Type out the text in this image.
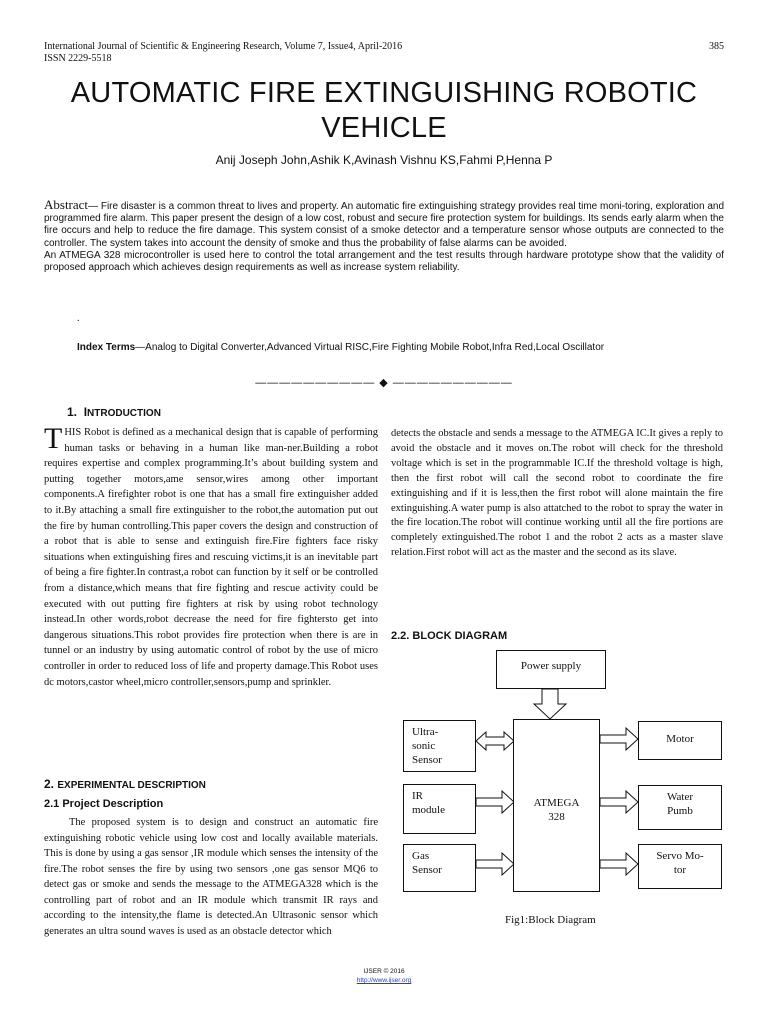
International Journal of Scientific & Engineering Research, Volume 7, Issue4, April-2016
ISSN 2229-5518
385
AUTOMATIC FIRE EXTINGUISHING ROBOTIC
VEHICLE
Anij Joseph John,Ashik K,Avinash Vishnu KS,Fahmi P,Henna P

Abstract— Fire disaster is a common threat to lives and property. An automatic fire extinguishing strategy provides real time moni-toring, exploration and programmed fire alarm. This paper present the design of a low cost, robust and secure fire protection system for buildings. Its sends early alarm when the fire occurs and help to reduce the fire damage. This system consist of a smoke detector and a temperature sensor whose outputs are connected to the controller. The system takes into account the density of smoke and thus the probability of false alarms can be avoided.

An ATMEGA 328 microcontroller is used here to control the total arrangement and the test results through hardware prototype show that the validity of proposed approach which achieves design requirements as well as increase system reliability.

.
Index Terms—Analog to Digital Converter,Advanced Virtual RISC,Fire Fighting Mobile Robot,Infra Red,Local Oscillator
—————————— ◆ ——————————
1. INTRODUCTION
THIS Robot is defined as a mechanical design that is capable of performing human tasks or behaving in a human like man-ner.Building a robot requires expertise and complex programming.It’s about building system and putting together motors,ame sensor,wires among other important components.A firefighter robot is one that has a small fire extinguisher added to it.By attaching a small fire extinguisher to the robot,the automation put out the fire by human controlling.This paper covers the design and construction of a robot that is able to sense and extinguish fire.Fire fighters face risky situations when extinguishing fires and rescuing victims,it is an inevitable part of being a fire fighter.In contrast,a robot can function by it self or be controlled from a distance,which means that fire fighting and rescue activity could be executed with out putting fire fighters at risk by using robot technology instead.In other words,robot decrease the need for fire fightersto get into dangerous situations.This robot provides fire protection when there is are in tunnel or an industry by using automatic control of robot by the use of micro controller in order to reduced loss of life and property damage.This Robot uses dc motors,castor wheel,micro controller,sensors,pump and sprinkler.
2. EXPERIMENTAL DESCRIPTION
2.1 Project Description
The proposed system is to design and construct an automatic fire extinguishing robotic vehicle using low cost and locally available materials. This is done by using a gas sensor ,IR module which senses the intensity of the fire.The robot senses the fire by using two sensors ,one gas sensor MQ6 to detect gas or smoke and sends the message to the ATMEGA328 which is the controlling part of robot and an IR module which transmit IR rays and according to the intensity,the flame is detected.An Ultrasonic sensor which generates an ultra sound waves is used as an obstacle detector which
detects the obstacle and sends a message to the ATMEGA IC.It gives a reply to avoid the obstacle and it moves on.The robot will check for the threshold voltage which is set in the programmable IC.If the threshold voltage is high, then the first robot will call the second robot to coordinate the fire extinguishing and if it is less,then the first robot will alone maintain the fire extinguishing.A water pump is also attatched to the robot to spray the water in the fire location.The robot will continue working until all the fire portions are completely extinguished.The robot 1 and the robot 2 acts as a master slave relation.First robot will act as the master and the second as its slave.
2.2. BLOCK DIAGRAM
Power supply
Ultra-
sonic
Sensor
IR
module
Gas
Sensor
ATMEGA
328
Motor
Water
Pumb
Servo Mo-
tor
Fig1:Block Diagram
IJSER © 2016
http://www.ijser.org
